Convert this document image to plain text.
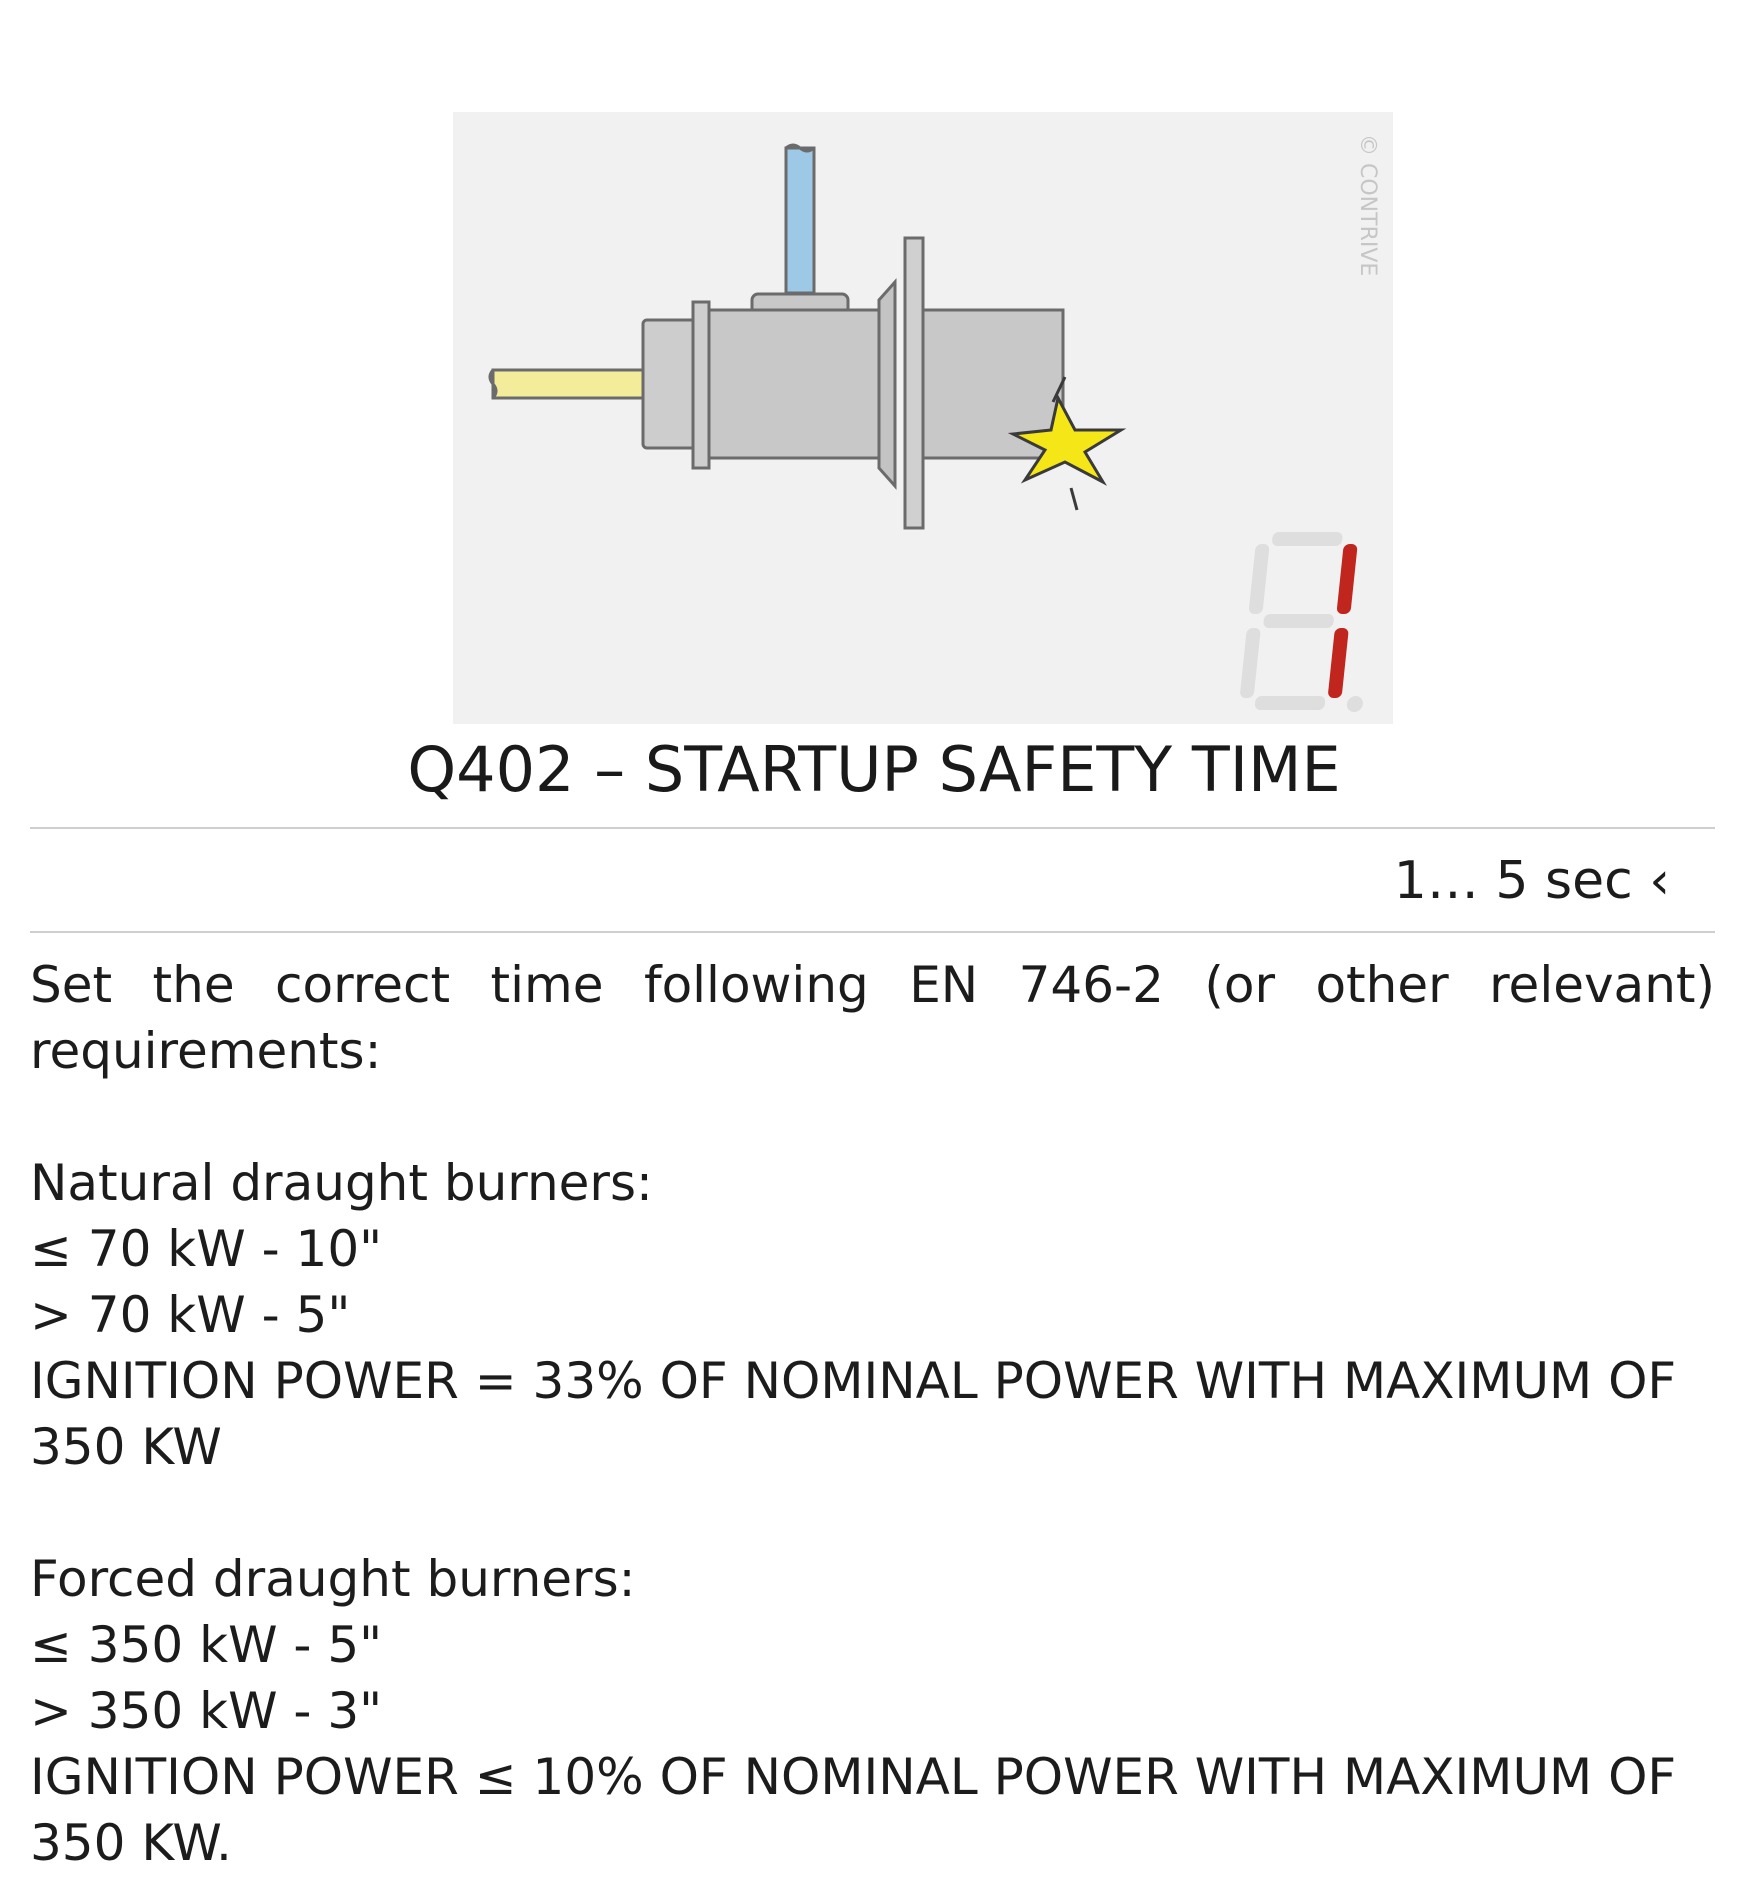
© CONTRIVE
1
Q402 – STARTUP SAFETY TIME
1… 5 sec ‹

Set the correct time following EN 746-2 (or other relevant) requirements:

Natural draught burners:
≤ 70 kW - 10"
> 70 kW - 5"
IGNITION POWER = 33% OF NOMINAL POWER WITH MAXIMUM OF 350 KW
Forced draught burners:
≤ 350 kW - 5"
> 350 kW - 3"
IGNITION POWER ≤ 10% OF NOMINAL POWER WITH MAXIMUM OF 350 KW.
